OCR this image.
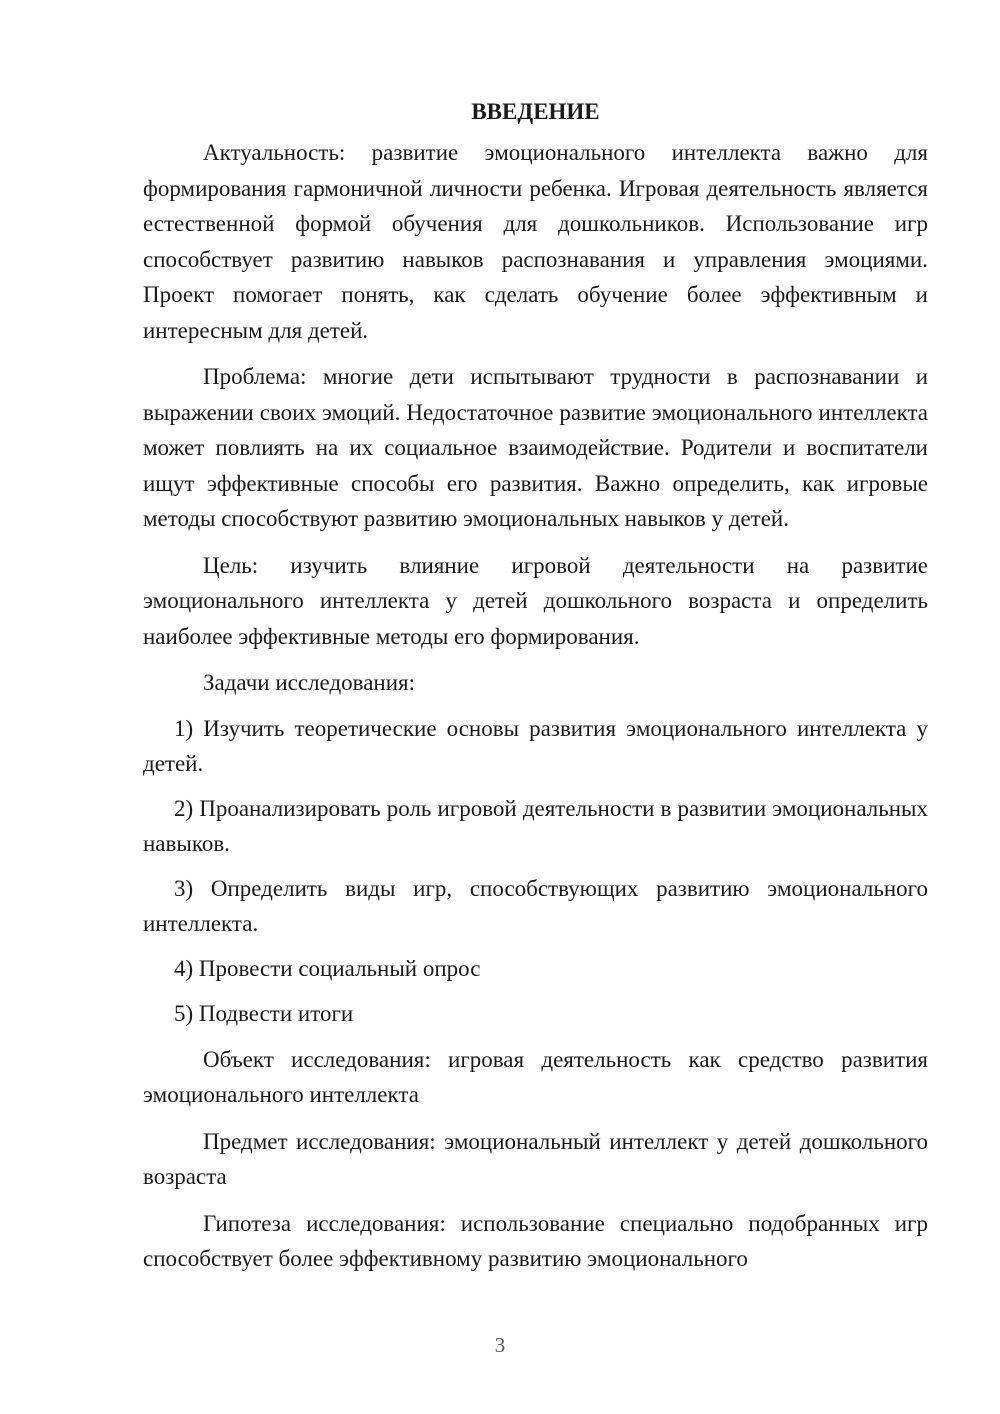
ВВЕДЕНИЕ

Актуальность: развитие эмоционального интеллекта важно для формирования гармоничной личности ребенка. Игровая деятельность является естественной формой обучения для дошкольников. Использование игр способствует развитию навыков распознавания и управления эмоциями. Проект помогает понять, как сделать обучение более эффективным и интересным для детей.

Проблема: многие дети испытывают трудности в распознавании и выражении своих эмоций. Недостаточное развитие эмоционального интеллекта может повлиять на их социальное взаимодействие. Родители и воспитатели ищут эффективные способы его развития. Важно определить, как игровые методы способствуют развитию эмоциональных навыков у детей.

Цель: изучить влияние игровой деятельности на развитие эмоционального интеллекта у детей дошкольного возраста и определить наиболее эффективные методы его формирования.

Задачи исследования:

1) Изучить теоретические основы развития эмоционального интеллекта у детей.

2) Проанализировать роль игровой деятельности в развитии эмоциональных навыков.

3) Определить виды игр, способствующих развитию эмоционального интеллекта.

4) Провести социальный опрос

5) Подвести итоги

Объект исследования: игровая деятельность как средство развития эмоционального интеллекта

Предмет исследования: эмоциональный интеллект у детей дошкольного возраста

Гипотеза исследования: использование специально подобранных игр способствует более эффективному развитию эмоционального

3
